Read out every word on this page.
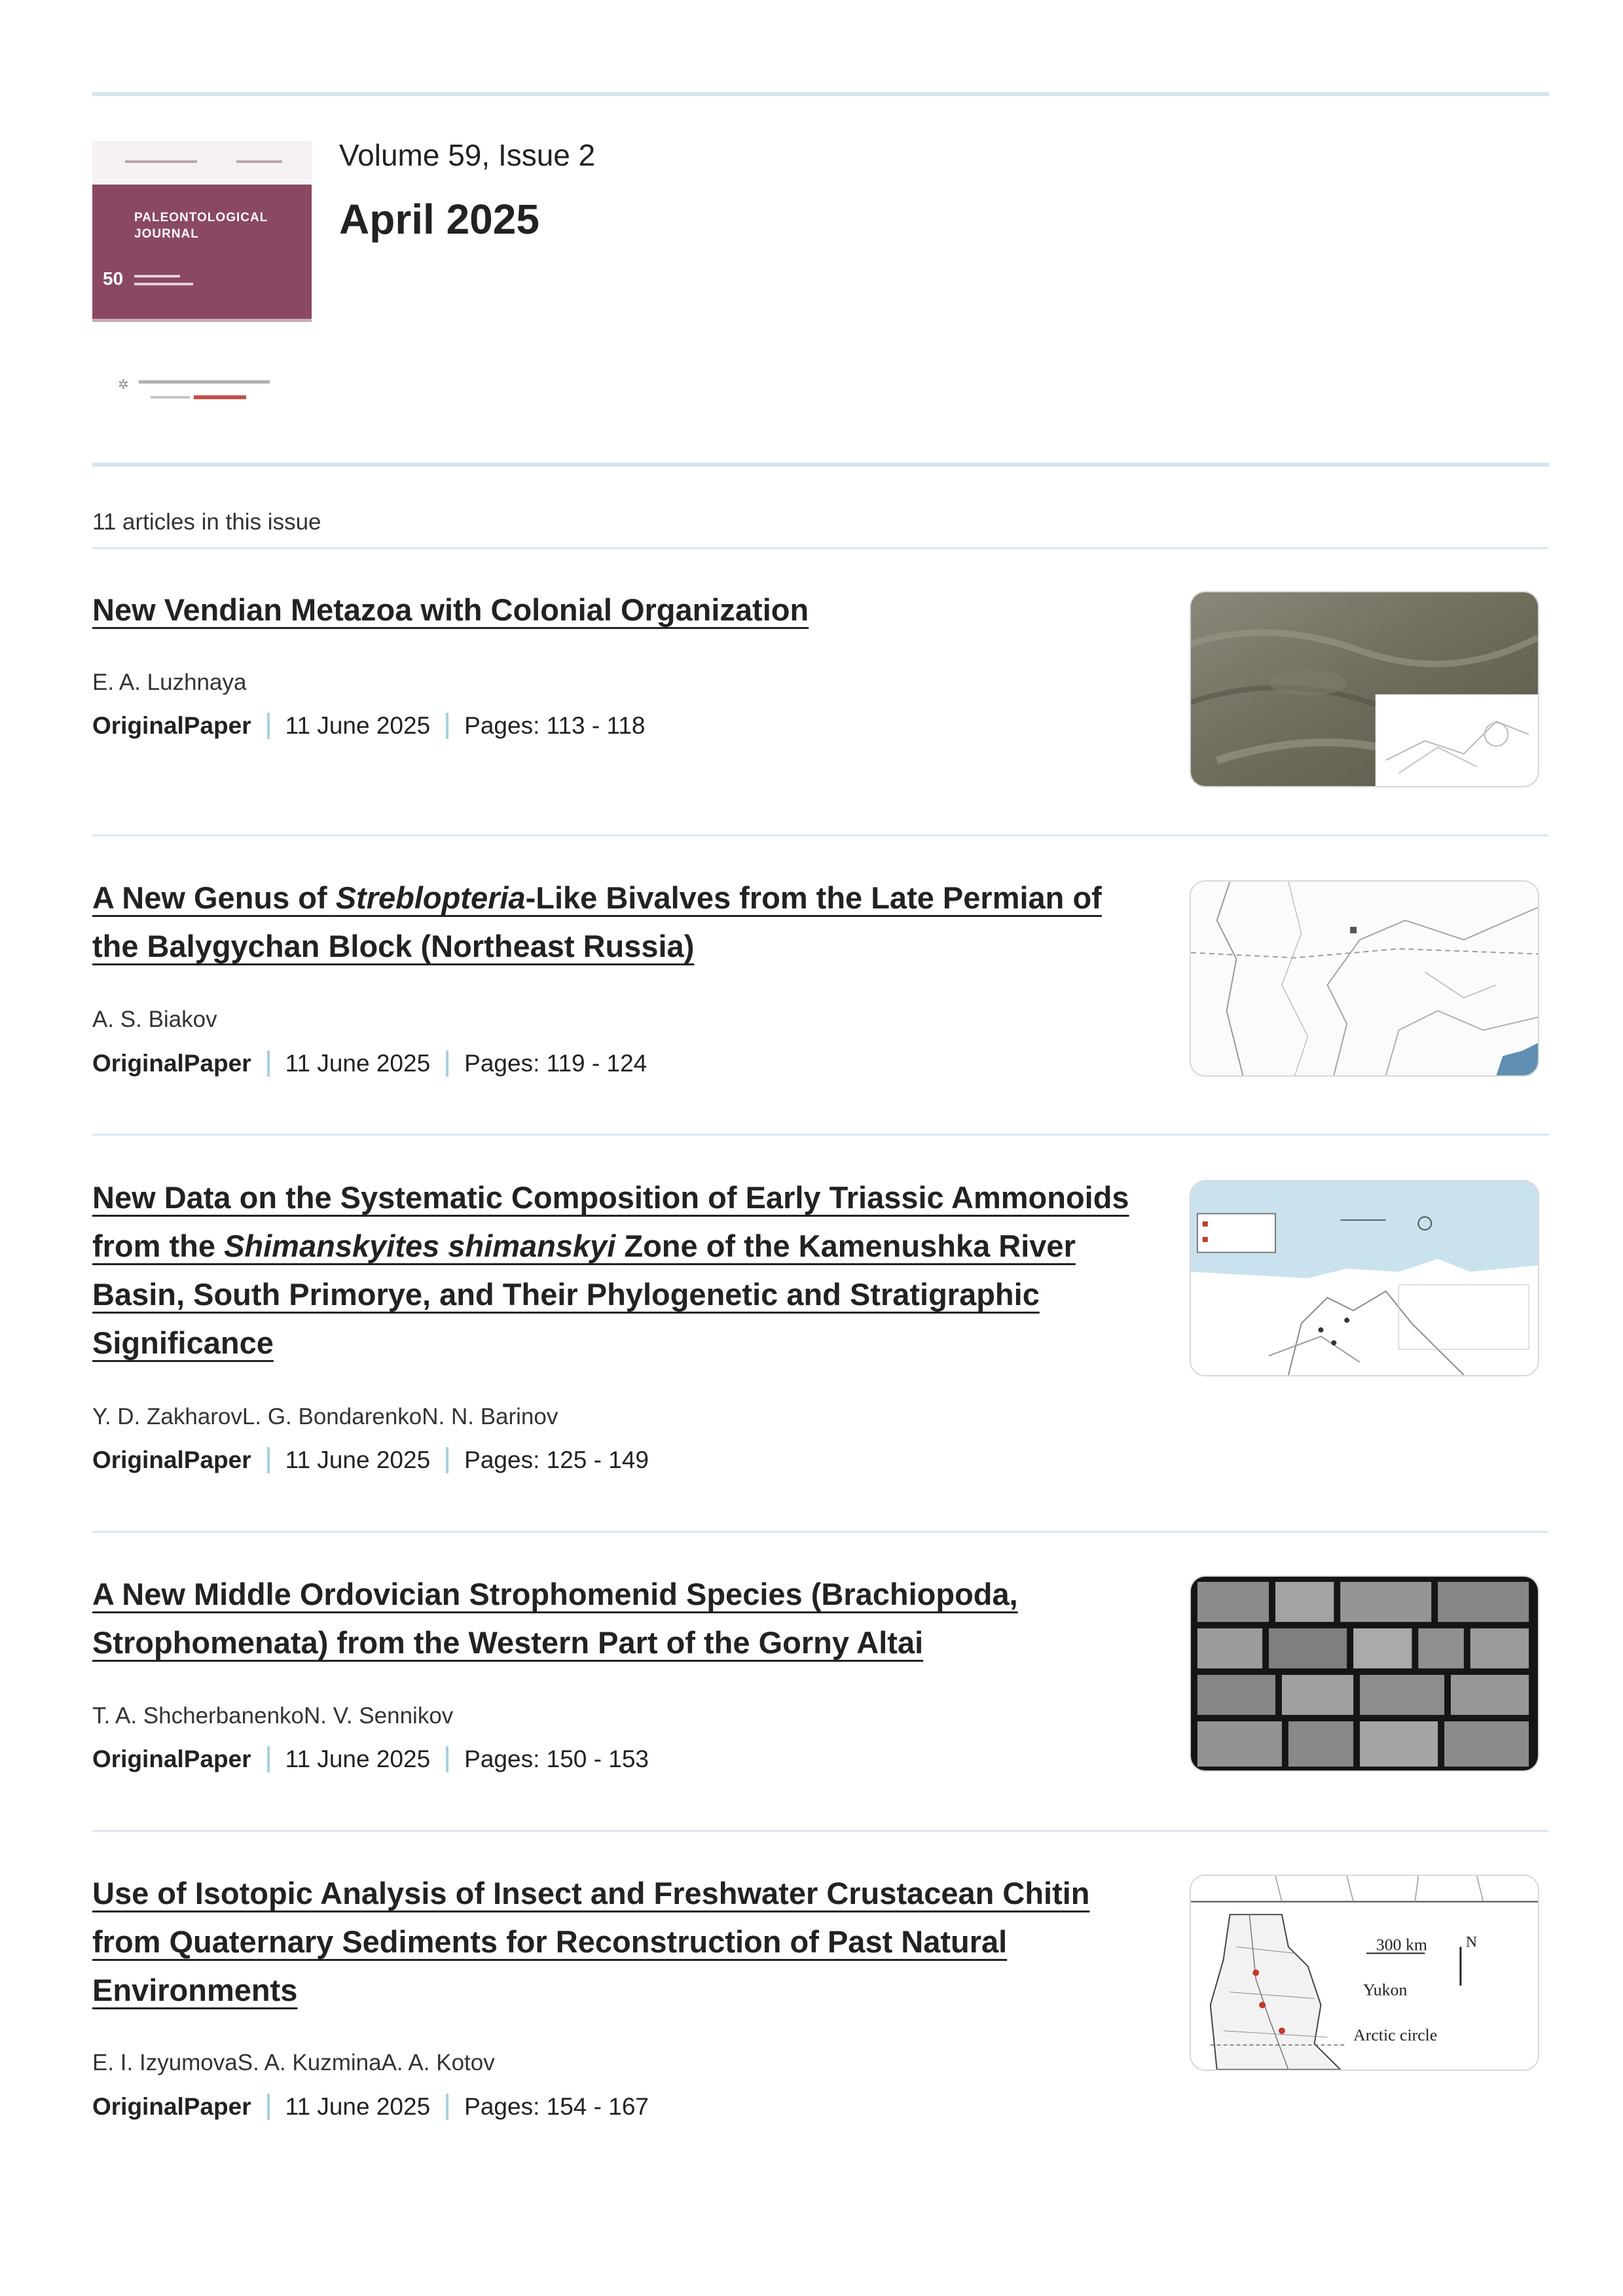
PALEONTOLOGICAL JOURNAL
50
✲
Volume 59, Issue 2
April 2025
11 articles in this issue
New Vendian Metazoa with Colonial Organization
E. A. Luzhnaya
OriginalPaper 11 June 2025 Pages: 113 - 118
A New Genus of Streblopteria-Like Bivalves from the Late Permian of the Balygychan Block (Northeast Russia)
A. S. Biakov
OriginalPaper 11 June 2025 Pages: 119 - 124
New Data on the Systematic Composition of Early Triassic Ammonoids from the Shimanskyites shimanskyi Zone of the Kamenushka River Basin, South Primorye, and Their Phylogenetic and Stratigraphic Significance
Y. D. ZakharovL. G. BondarenkoN. N. Barinov
OriginalPaper 11 June 2025 Pages: 125 - 149
A New Middle Ordovician Strophomenid Species (Brachiopoda, Strophomenata) from the Western Part of the Gorny Altai
T. A. ShcherbanenkoN. V. Sennikov
OriginalPaper 11 June 2025 Pages: 150 - 153
Use of Isotopic Analysis of Insect and Freshwater Crustacean Chitin from Quaternary Sediments for Reconstruction of Past Natural Environments
E. I. IzyumovaS. A. KuzminaA. A. Kotov
OriginalPaper 11 June 2025 Pages: 154 - 167
300 km N
Yukon
Arctic circle
